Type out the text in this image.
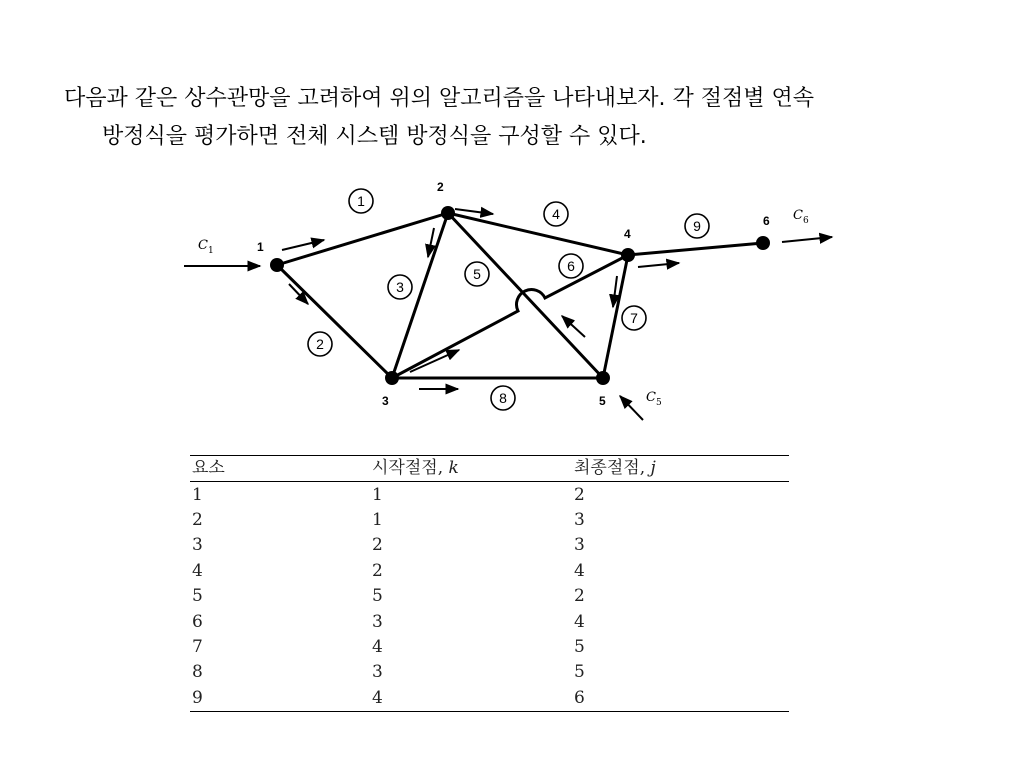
다음과 같은 상수관망을 고려하여 위의 알고리즘을 나타내보자. 각 절점별 연속
방정식을 평가하면 전체 시스템 방정식을 구성할 수 있다.

1
2
3
4
5
6
1
2
3
4
5	6
7
8
9
$C_1$
$C_5$
$C_6$
요소	시작절점, k	최종절점, j
1	1	2
2	1	3
3	2	3
4	2	4
5	5	2
6	3	4
7	4	5
8	3	5
9	4	6
